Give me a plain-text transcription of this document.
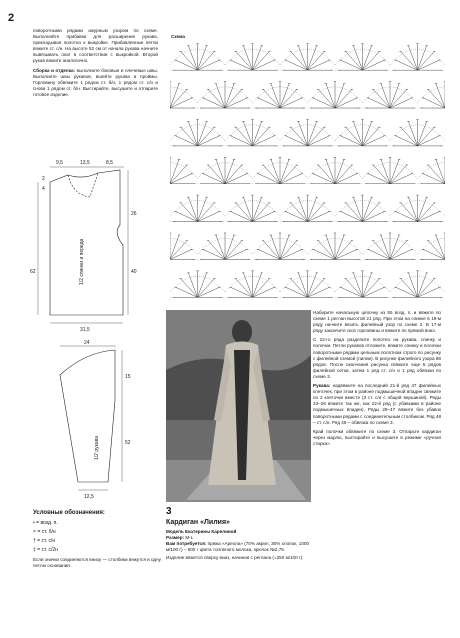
2

поворотными рядами ажурным узором по схеме. Выполняйте прибавки для расширения рукава, прикладывая полотно к выкройке. Прибавленные петли вяжите ст. с/н. На высоте 52 см от начала рукава начните вывязывать окат в соответствии с выкройкой. Второй рукав вяжите аналогично.

Сборка и отделка: выполните боковые и плечевые швы. Выполните швы рукавов, вшейте рукава в проймы. Горловину обвяжите 1 рядом ст. б/н, 1 рядом ст. с/н и снова 1 рядом ст. б/н. Выстирайте, высушите и отпарите готовое изделие.

9,5	13,5	8,5
2
4
26
40
62
31,5
1/2 спинки и переда
24
15
52
12,5
1/2 рукава
Условные обозначения:
• = возд. п.
× = ст. б/н
† = ст. с/н
‡ = ст. с/2н
Если значки соединяются внизу — столбики вяжутся в одну петлю основания.
Схема

Наберите начальную цепочку из 55 возд. п. и вяжите по схеме 1 реглан высотой 21 ряд. При этом на спинке в 19-м ряду начните вязать филейный узор по схеме 2. В 17-м ряду закончите скос горловины и вяжите по прямой вниз.

С 22-го ряда разделите полотно на рукава, спинку и полочки. Петли рукавов отложите, вяжите спинку и полочки поворотными рядами цельным полотном строго по рисунку с филейной схемой (лилии). В рисунке филейного узора 88 рядов. После окончания рисунка свяжите еще 5 рядов филейной сетки, затем 1 ряд ст. с/н и 1 ряд обвязки по схеме 3.

Рукава: надвяжите на последний 21-й ряд 47 филейных клеточек, при этом в районе подмышечной впадин свяжите по 2 клеточки вместе (3 ст. с/н с общей вершиной). Ряды 23–28 вяжите так же, как 22-й ряд (с убавками в районе подмышечных впадин). Ряды 29–47 вяжите без убавок поворотными рядами с соединительным столбиком. Ряд 48 – ст. с/н. Ряд 49 – обвязка по схеме 3.

Край полочки обвяжите по схеме 3. Отпарьте кардиган через марлю, выстирайте и высушите в режиме «ручная стирка».

3
Кардиган «Лилия»
Модель Екатерины Карелиной
Размер: М-L
Вам потребуется: пряжа «Ареола» (70% акрил, 30% хлопок, 1000 м/100 г) – 500 г цвета топленого молока, крючок №2,75.
Изделие вяжется сверху вниз, начиная с реглана (=250 м/100 г).
